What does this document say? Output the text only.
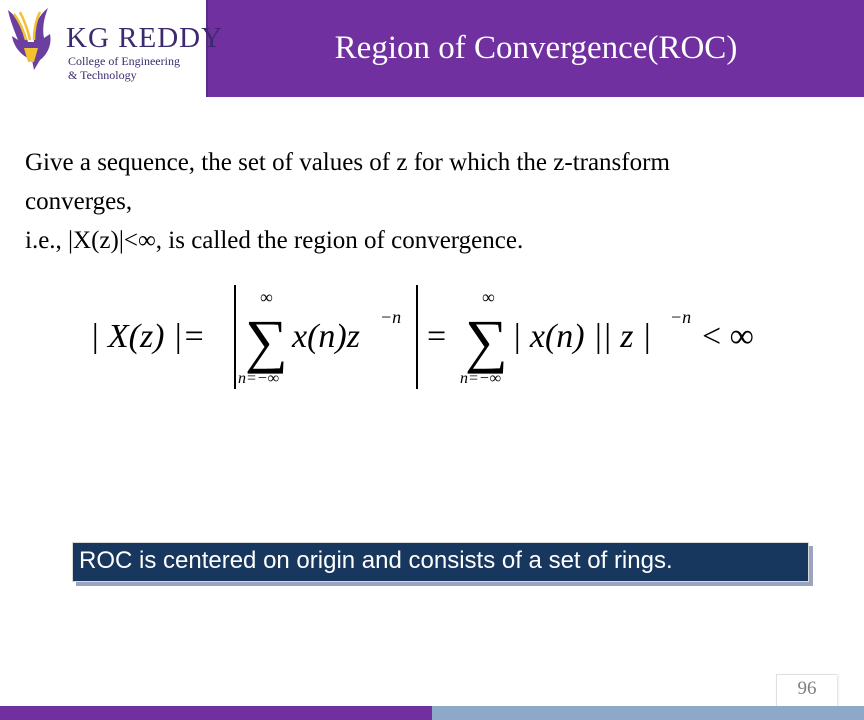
KG REDDY
College of Engineering
& Technology
Region of Convergence(ROC)
Give a sequence, the set of values of z for which the z-transform
converges,
i.e., |X(z)|<∞, is called the region of convergence.
| X(z) |=
∞
∑
n=−∞
x(n)z
−n
=
∞
∑
n=−∞
| x(n) || z |
−n
< ∞
ROC is centered on origin and consists of a set of rings.
96
